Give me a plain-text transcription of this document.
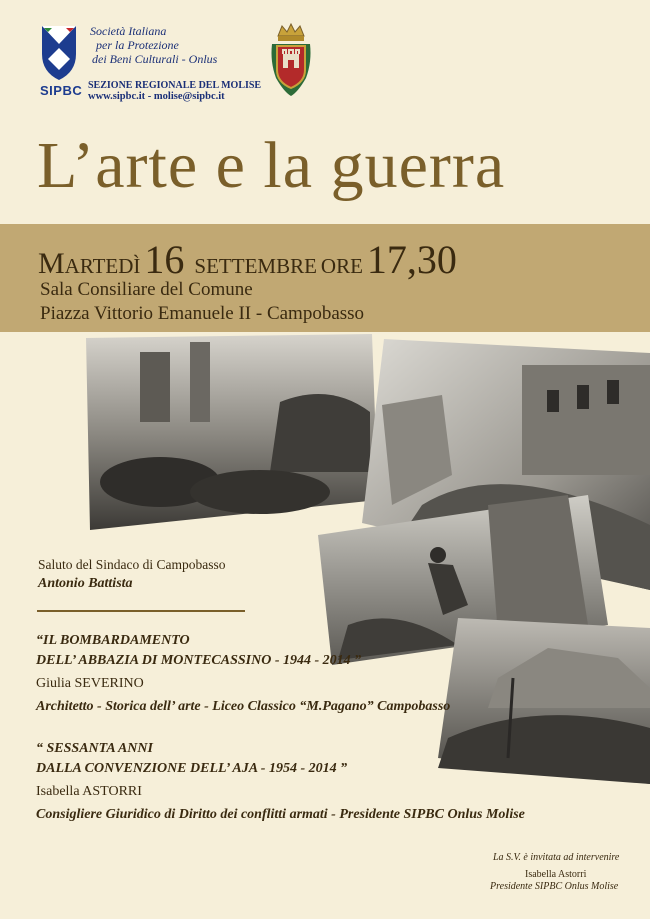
SIPBC
Società Italiana
per la Protezione
dei Beni Culturali - Onlus
SEZIONE REGIONALE DEL MOLISE
www.sipbc.it - molise@sipbc.it
L’arte e la guerra
Martedì 16 settembre ore 17,30
Sala Consiliare del Comune
Piazza Vittorio Emanuele II - Campobasso
Saluto del Sindaco di Campobasso
Antonio Battista
“IL BOMBARDAMENTO
DELL’ ABBAZIA DI MONTECASSINO - 1944 - 2014 ”
Giulia SEVERINO
Architetto - Storica dell’ arte - Liceo Classico “M.Pagano” Campobasso
“ SESSANTA ANNI
DALLA CONVENZIONE DELL’ AJA - 1954 - 2014 ”
Isabella ASTORRI
Consigliere Giuridico di Diritto dei conflitti armati - Presidente SIPBC Onlus Molise
La S.V. è invitata ad intervenire
Isabella Astorri
Presidente SIPBC Onlus Molise
